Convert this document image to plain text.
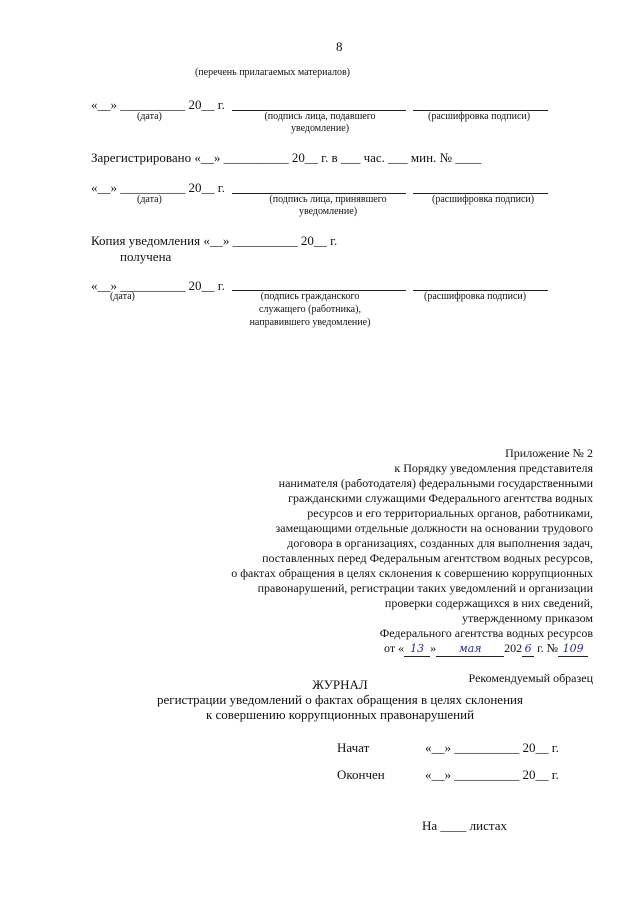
8
(перечень прилагаемых материалов)
«__» __________ 20__ г.
(дата)	(подпись лица, подавшего
уведомление)
(расшифровка подписи)
Зарегистрировано «__» __________ 20__ г. в ___ час. ___ мин. № ____
«__» __________ 20__ г.
(дата)	(подпись лица, принявшего
уведомление)
(расшифровка подписи)
Копия уведомления «__» __________ 20__ г.
получена
«__» __________ 20__ г.
(дата)	(подпись гражданского
служащего (работника),
направившего уведомление)
(расшифровка подписи)
Приложение № 2
к Порядку уведомления представителя
нанимателя (работодателя) федеральными государственными
гражданскими служащими Федерального агентства водных
ресурсов и его территориальных органов, работниками,
замещающими отдельные должности на основании трудового
договора в организациях, созданных для выполнения задач,
поставленных перед Федеральным агентством водных ресурсов,
о фактах обращения в целях склонения к совершению коррупционных
правонарушений, регистрации таких уведомлений и организации
проверки содержащихся в них сведений,
утвержденному приказом
Федерального агентства водных ресурсов
от « 13 » мая 202 6 г. № 109
Рекомендуемый образец
ЖУРНАЛ
регистрации уведомлений о фактах обращения в целях склонения
к совершению коррупционных правонарушений
Начат	«__» __________ 20__ г.
Окончен	«__» __________ 20__ г.
На ____ листах
